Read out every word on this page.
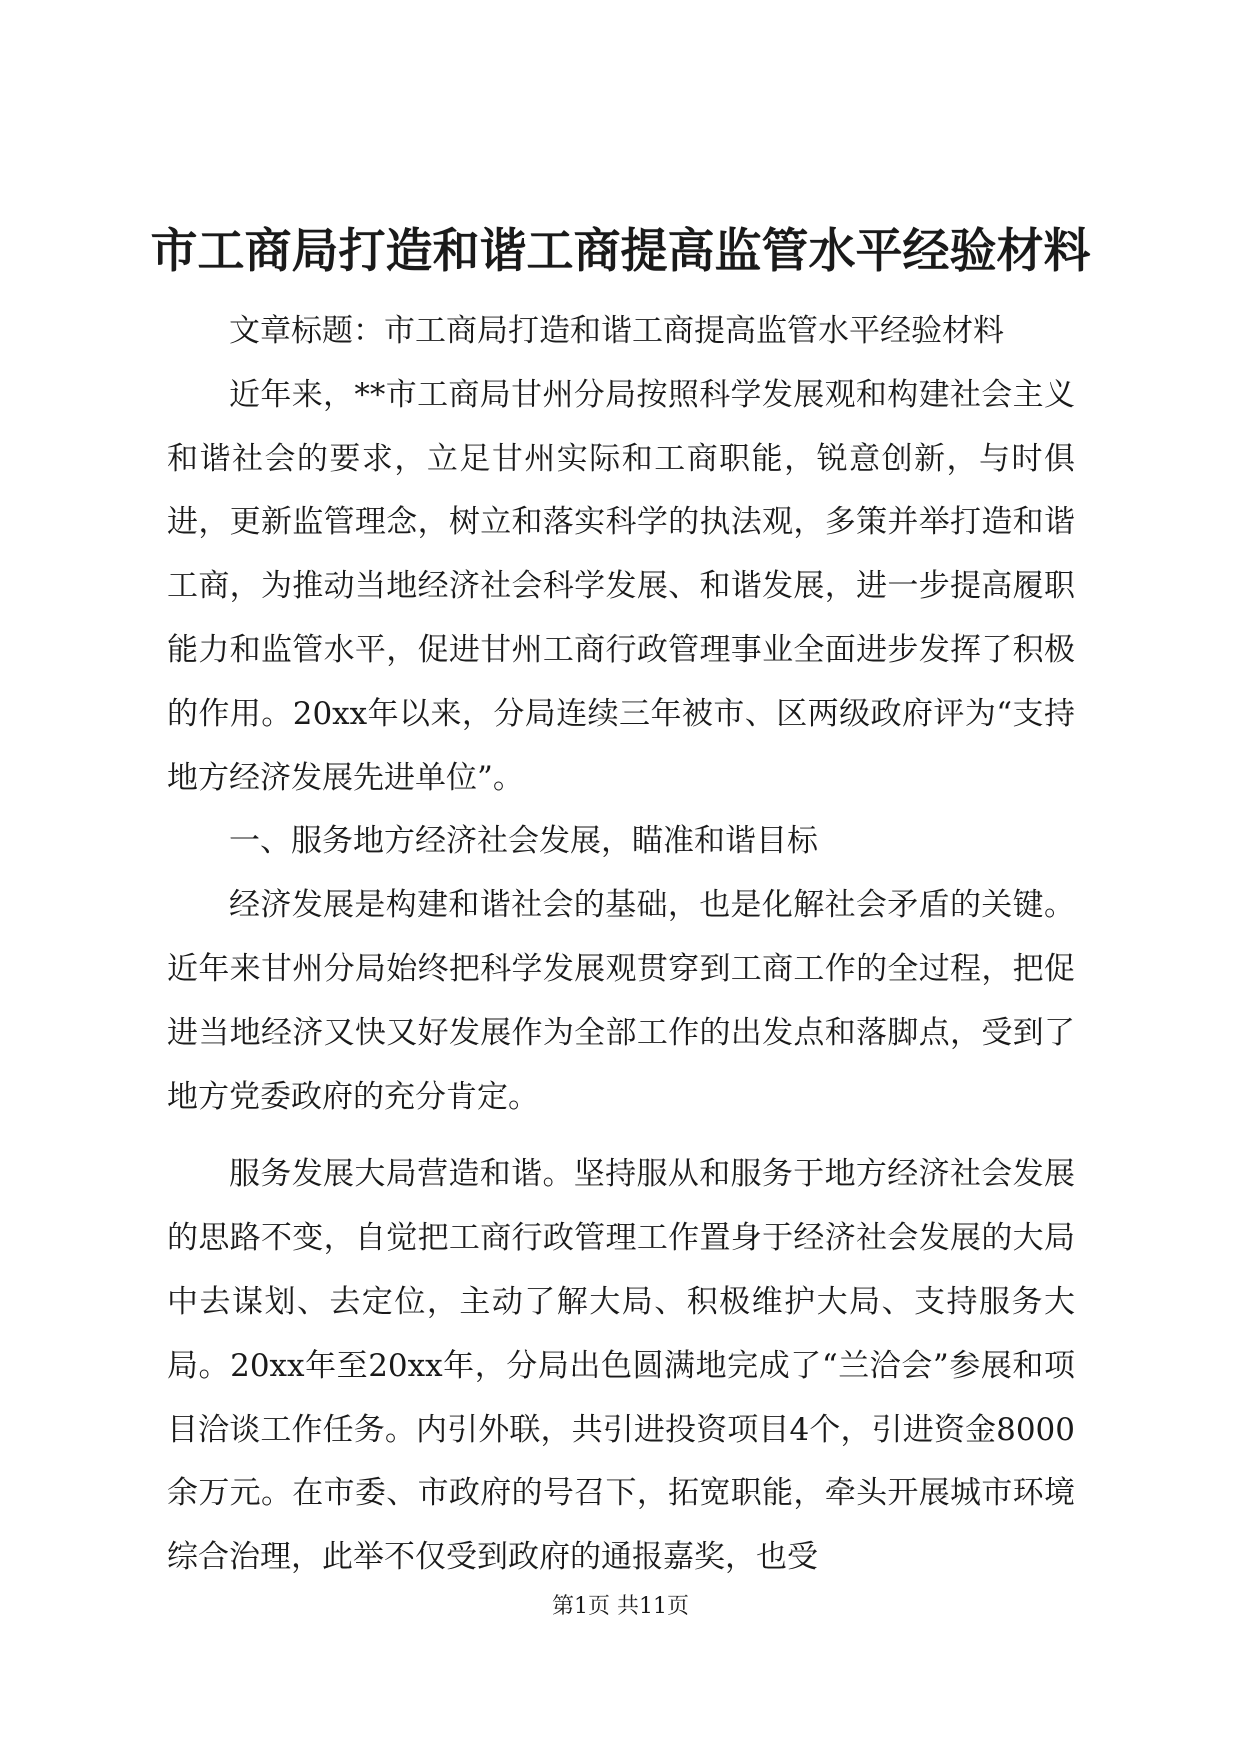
市工商局打造和谐工商提高监管水平经验材料

文章标题：市工商局打造和谐工商提高监管水平经验材料

近年来，**市工商局甘州分局按照科学发展观和构建社会主义和谐社会的要求，立足甘州实际和工商职能，锐意创新，与时俱进，更新监管理念，树立和落实科学的执法观，多策并举打造和谐工商，为推动当地经济社会科学发展、和谐发展，进一步提高履职能力和监管水平，促进甘州工商行政管理事业全面进步发挥了积极的作用。20xx年以来，分局连续三年被市、区两级政府评为“支持地方经济发展先进单位”。

一、服务地方经济社会发展，瞄准和谐目标

经济发展是构建和谐社会的基础，也是化解社会矛盾的关键。近年来甘州分局始终把科学发展观贯穿到工商工作的全过程，把促进当地经济又快又好发展作为全部工作的出发点和落脚点，受到了地方党委政府的充分肯定。

服务发展大局营造和谐。坚持服从和服务于地方经济社会发展的思路不变，自觉把工商行政管理工作置身于经济社会发展的大局中去谋划、去定位，主动了解大局、积极维护大局、支持服务大局。20xx年至20xx年，分局出色圆满地完成了“兰洽会”参展和项目洽谈工作任务。内引外联，共引进投资项目4个，引进资金8000余万元。在市委、市政府的号召下，拓宽职能，牵头开展城市环境综合治理，此举不仅受到政府的通报嘉奖，也受

第1页 共11页
